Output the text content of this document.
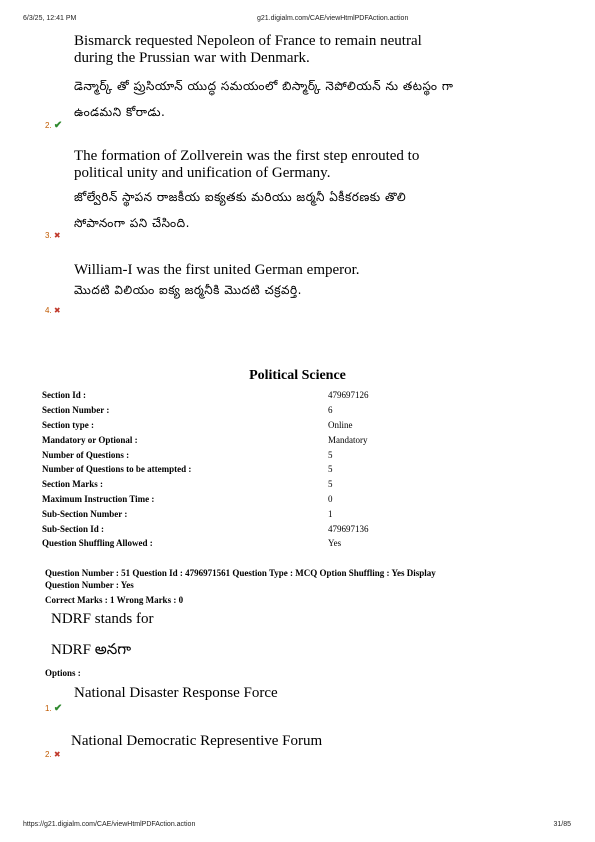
6/3/25, 12:41 PM	g21.digialm.com/CAE/viewHtmlPDFAction.action
Bismarck requested Nepoleon of France to remain neutral during the Prussian war with Denmark.
డెన్మార్క్ తో ప్రుసియాన్ యుద్ధ సమయంలో బిస్మార్క్ నెపోలియన్ ను తటస్థం గా ఉండమని కోరాడు.
2. ✔
The formation of Zollverein was the first step enrouted to political unity and unification of Germany.
జోల్వేరిన్ స్థాపన రాజకీయ ఐక్యతకు మరియు జర్మనీ ఏకీకరణకు తొలి సోపానంగా పని చేసింది.
3. ✖
William-I was the first united German emperor.
మొదటి విలియం ఐక్య జర్మనీకి మొదటి చక్రవర్తి.
4. ✖
Political Science
Section Id :	479697126
Section Number :	6
Section type :	Online
Mandatory or Optional :	Mandatory
Number of Questions :	5
Number of Questions to be attempted :	5
Section Marks :	5
Maximum Instruction Time :	0
Sub-Section Number :	1
Sub-Section Id :	479697136
Question Shuffling Allowed :	Yes
Question Number : 51 Question Id : 4796971561 Question Type : MCQ Option Shuffling : Yes Display
Question Number : Yes
Correct Marks : 1 Wrong Marks : 0
NDRF stands for
NDRF అనగా
Options :
National Disaster Response Force
1. ✔
National Democratic Representive Forum
2. ✖
https://g21.digialm.com/CAE/viewHtmlPDFAction.action	31/85
